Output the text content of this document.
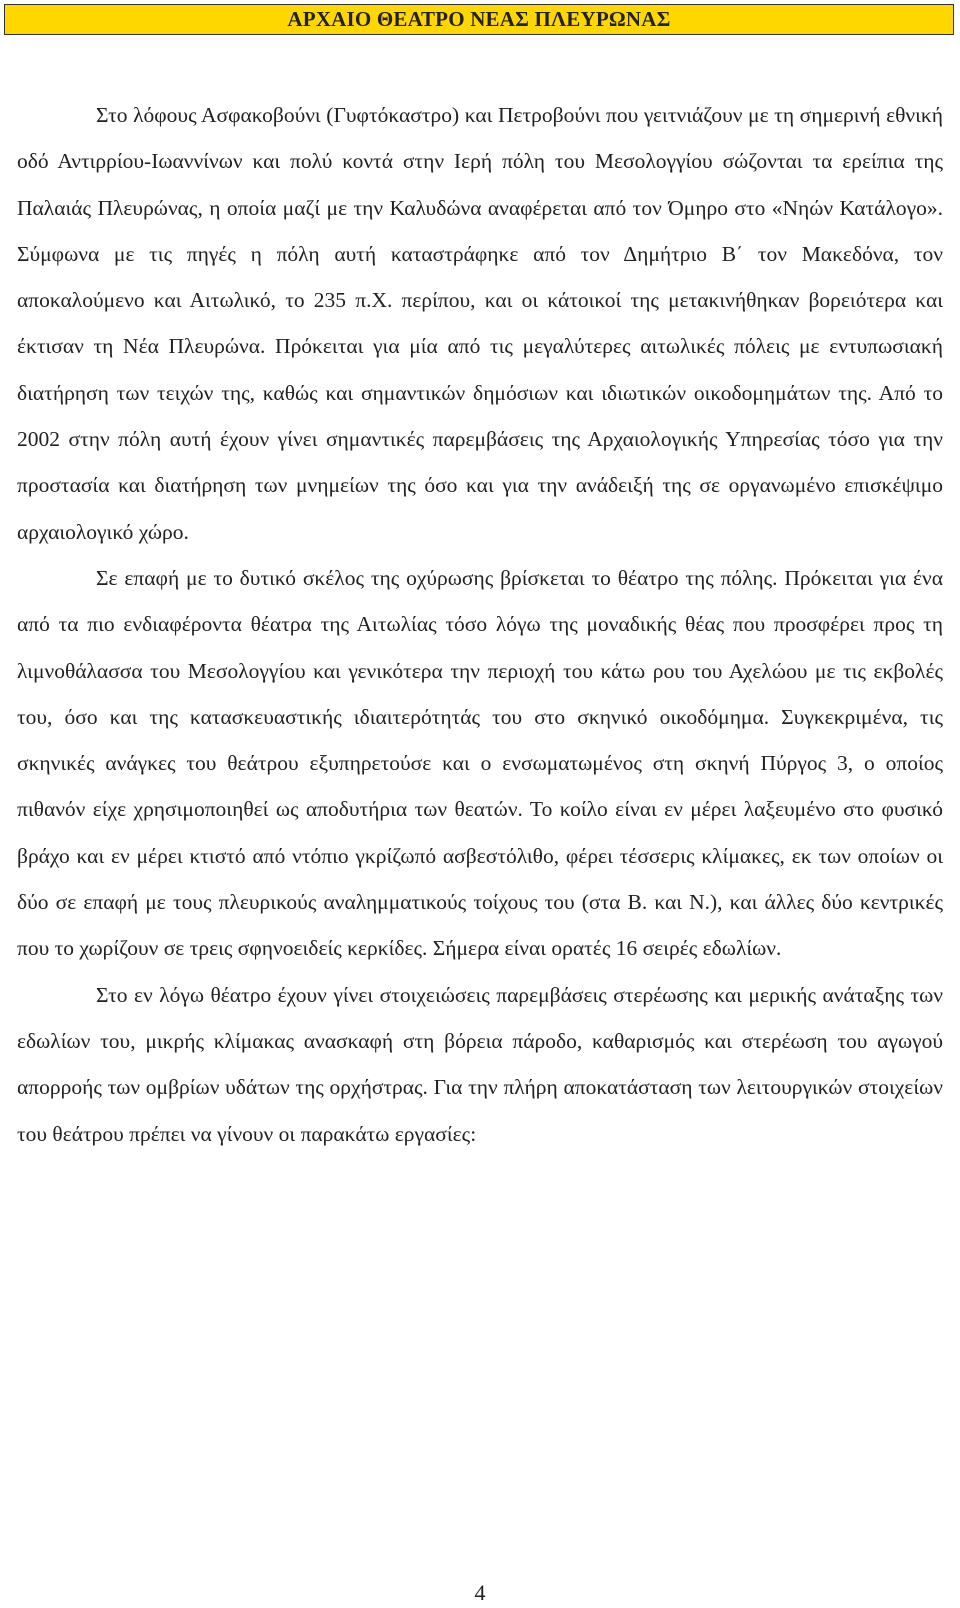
ΑΡΧΑΙΟ ΘΕΑΤΡΟ ΝΕΑΣ ΠΛΕΥΡΩΝΑΣ

Στο λόφους Ασφακοβούνι (Γυφτόκαστρο) και Πετροβούνι που γειτνιάζουν με τη σημερινή εθνική οδό Αντιρρίου-Ιωαννίνων και πολύ κοντά στην Ιερή πόλη του Μεσολογγίου σώζονται τα ερείπια της Παλαιάς Πλευρώνας, η οποία μαζί με την Καλυδώνα αναφέρεται από τον Όμηρο στο «Νηών Κατάλογο». Σύμφωνα με τις πηγές η πόλη αυτή καταστράφηκε από τον Δημήτριο Β΄ τον Μακεδόνα, τον αποκαλούμενο και Αιτωλικό, το 235 π.Χ. περίπου, και οι κάτοικοί της μετακινήθηκαν βορειότερα και έκτισαν τη Νέα Πλευρώνα. Πρόκειται για μία από τις μεγαλύτερες αιτωλικές πόλεις με εντυπωσιακή διατήρηση των τειχών της, καθώς και σημαντικών δημόσιων και ιδιωτικών οικοδομημάτων της. Από το 2002 στην πόλη αυτή έχουν γίνει σημαντικές παρεμβάσεις της Αρχαιολογικής Υπηρεσίας τόσο για την προστασία και διατήρηση των μνημείων της όσο και για την ανάδειξή της σε οργανωμένο επισκέψιμο αρχαιολογικό χώρο.

Σε επαφή με το δυτικό σκέλος της οχύρωσης βρίσκεται το θέατρο της πόλης. Πρόκειται για ένα από τα πιο ενδιαφέροντα θέατρα της Αιτωλίας τόσο λόγω της μοναδικής θέας που προσφέρει προς τη λιμνοθάλασσα του Μεσολογγίου και γενικότερα την περιοχή του κάτω ρου του Αχελώου με τις εκβολές του, όσο και της κατασκευαστικής ιδιαιτερότητάς του στο σκηνικό οικοδόμημα. Συγκεκριμένα, τις σκηνικές ανάγκες του θεάτρου εξυπηρετούσε και ο ενσωματωμένος στη σκηνή Πύργος 3, ο οποίος πιθανόν είχε χρησιμοποιηθεί ως αποδυτήρια των θεατών. Το κοίλο είναι εν μέρει λαξευμένο στο φυσικό βράχο και εν μέρει κτιστό από ντόπιο γκρίζωπό ασβεστόλιθο, φέρει τέσσερις κλίμακες, εκ των οποίων οι δύο σε επαφή με τους πλευρικούς αναλημματικούς τοίχους του (στα Β. και Ν.), και άλλες δύο κεντρικές που το χωρίζουν σε τρεις σφηνοειδείς κερκίδες. Σήμερα είναι ορατές 16 σειρές εδωλίων.

Στο εν λόγω θέατρο έχουν γίνει στοιχειώσεις παρεμβάσεις στερέωσης και μερικής ανάταξης των εδωλίων του, μικρής κλίμακας ανασκαφή στη βόρεια πάροδο, καθαρισμός και στερέωση του αγωγού απορροής των ομβρίων υδάτων της ορχήστρας. Για την πλήρη αποκατάσταση των λειτουργικών στοιχείων του θεάτρου πρέπει να γίνουν οι παρακάτω εργασίες:

4
